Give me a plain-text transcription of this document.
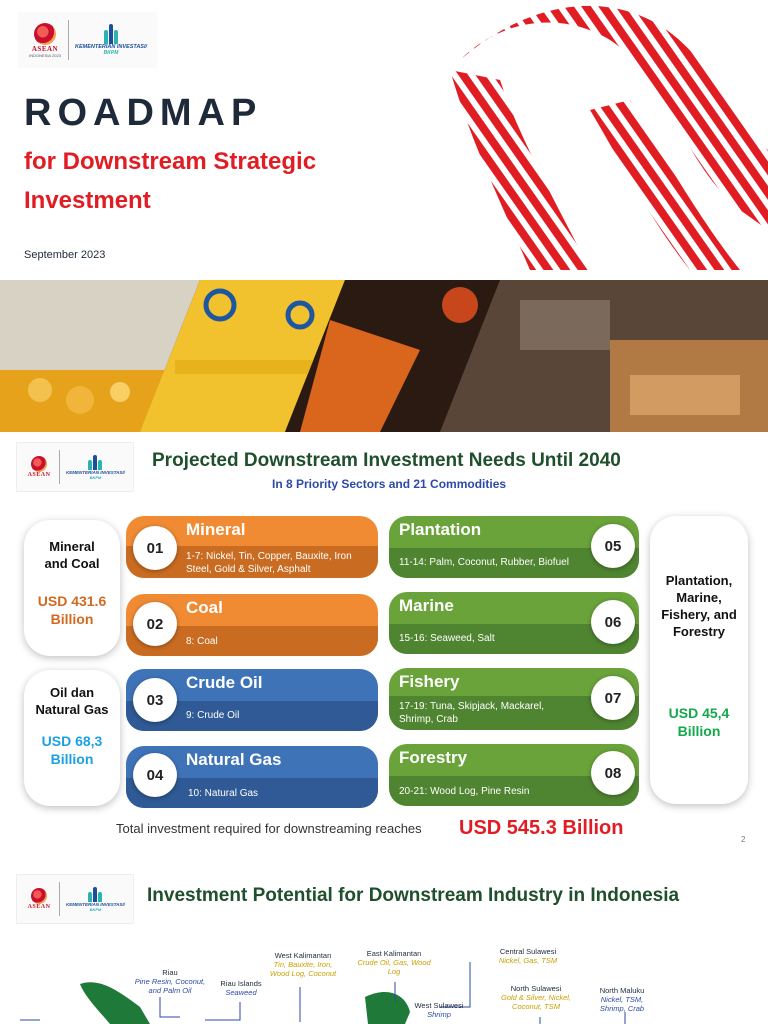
ASEAN
INDONESIA 2023
KEMENTERIAN INVESTASI/
BKPM
ROADMAP
for Downstream Strategic Investment
September 2023
ASEAN	KEMENTERIAN INVESTASI/
BKPM
Projected Downstream Investment Needs Until 2040
In 8 Priority Sectors and 21 Commodities
Mineral and Coal
USD 431.6 Billion
Oil dan Natural Gas
USD 68,3 Billion
Plantation, Marine, Fishery, and Forestry
USD 45,4 Billion
Mineral
1-7: Nickel, Tin, Copper, Bauxite, Iron Steel, Gold & Silver, Asphalt
Coal
8: Coal
Crude Oil
9: Crude Oil
Natural Gas
10: Natural Gas
Plantation
11-14: Palm, Coconut, Rubber, Biofuel
Marine
15-16: Seaweed, Salt
Fishery
17-19: Tuna, Skipjack, Mackarel, Shrimp, Crab
Forestry
20-21: Wood Log, Pine Resin
01
02
03
04
05
06
07
08
Total investment required for downstreaming reaches USD 545.3 Billion
2
ASEAN	KEMENTERIAN INVESTASI/
BKPM
Investment Potential for Downstream Industry in Indonesia
Riau
Pine Resin, Coconut, and Palm Oil
Riau Islands
Seaweed
West Kalimantan
Tin, Bauxite, Iron, Wood Log, Coconut
East Kalimantan
Crude Oil, Gas, Wood Log
West Sulawesi
Shrimp
Central Sulawesi
Nickel, Gas, TSM
North Sulawesi
Gold & Silver, Nickel, Coconut, TSM
North Maluku
Nickel, TSM, Shrimp, Crab
